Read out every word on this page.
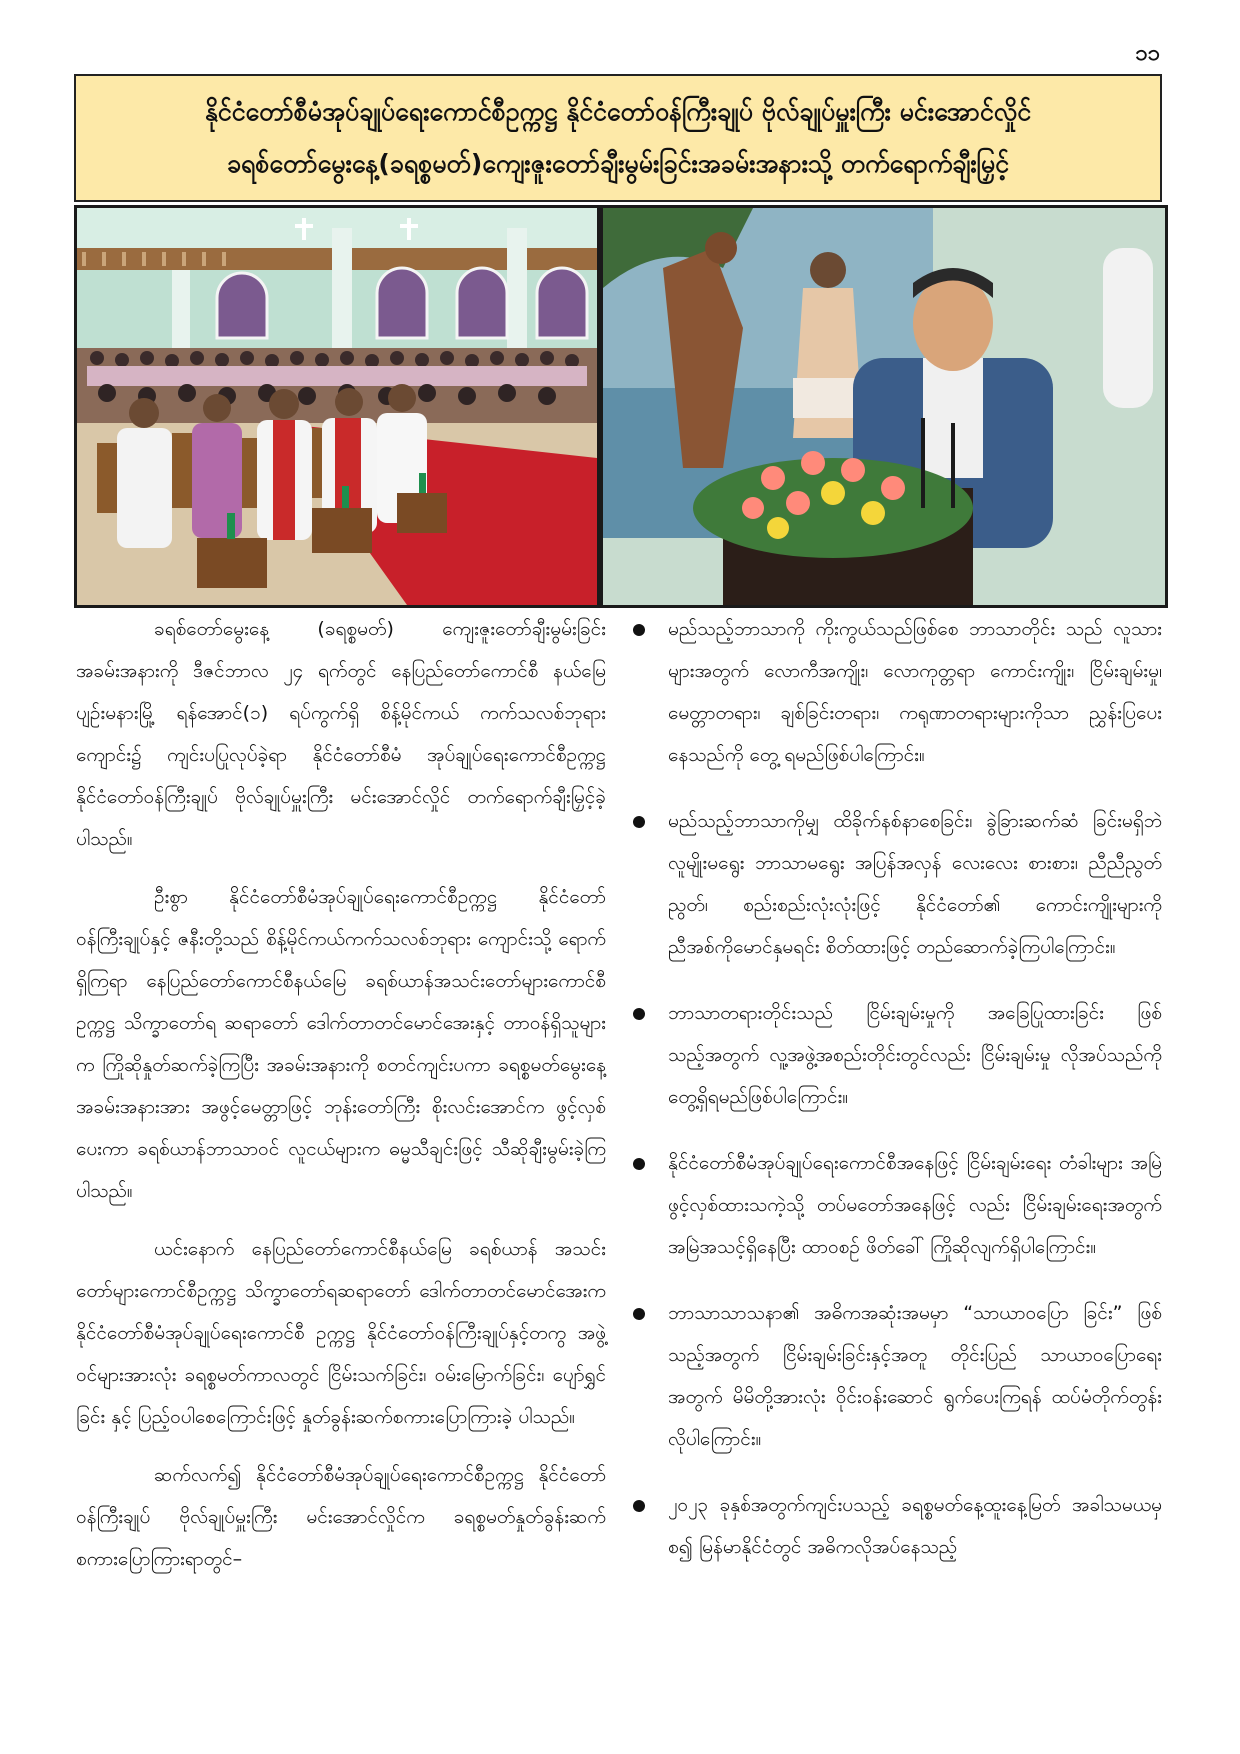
၁၁
နိုင်ငံတော်စီမံအုပ်ချုပ်ရေးကောင်စီဥက္ကဋ္ဌ နိုင်ငံတော်ဝန်ကြီးချုပ် ဗိုလ်ချုပ်မှူးကြီး မင်းအောင်လှိုင်
ခရစ်တော်မွေးနေ့(ခရစ္စမတ်)ကျေးဇူးတော်ချီးမွမ်းခြင်းအခမ်းအနားသို့ တက်ရောက်ချီးမြှင့်

ခရစ်တော်မွေးနေ့ (ခရစ္စမတ်) ကျေးဇူးတော်ချီးမွမ်းခြင်း အခမ်းအနားကို ဒီဇင်ဘာလ ၂၄ ရက်တွင် နေပြည်တော်ကောင်စီ နယ်မြေ ပျဉ်းမနားမြို့ ရန်အောင်(၁) ရပ်ကွက်ရှိ စိန့်မိုင်ကယ် ကက်သလစ်ဘုရားကျောင်း၌ ကျင်းပပြုလုပ်ခဲ့ရာ နိုင်ငံတော်စီမံ အုပ်ချုပ်ရေးကောင်စီဥက္ကဋ္ဌ နိုင်ငံတော်ဝန်ကြီးချုပ် ဗိုလ်ချုပ်မှူးကြီး မင်းအောင်လှိုင် တက်ရောက်ချီးမြှင့်ခဲ့ပါသည်။

ဦးစွာ နိုင်ငံတော်စီမံအုပ်ချုပ်ရေးကောင်စီဥက္ကဋ္ဌ နိုင်ငံတော် ဝန်ကြီးချုပ်နှင့် ဇနီးတို့သည် စိန့်မိုင်ကယ်ကက်သလစ်ဘုရား ကျောင်းသို့ ရောက်ရှိကြရာ နေပြည်တော်ကောင်စီနယ်မြေ ခရစ်ယာန်အသင်းတော်များကောင်စီဥက္ကဋ္ဌ သိက္ခာတော်ရ ဆရာတော် ဒေါက်တာတင်မောင်အေးနှင့် တာဝန်ရှိသူများက ကြိုဆိုနှုတ်ဆက်ခဲ့ကြပြီး အခမ်းအနားကို စတင်ကျင်းပကာ ခရစ္စမတ်မွေးနေ့အခမ်းအနားအား အဖွင့်မေတ္တာဖြင့် ဘုန်းတော်ကြီး စိုးလင်းအောင်က ဖွင့်လှစ်ပေးကာ ခရစ်ယာန်ဘာသာဝင် လူငယ်များက ဓမ္မသီချင်းဖြင့် သီဆိုချီးမွမ်းခဲ့ကြပါသည်။

ယင်းနောက် နေပြည်တော်ကောင်စီနယ်မြေ ခရစ်ယာန် အသင်းတော်များကောင်စီဥက္ကဋ္ဌ သိက္ခာတော်ရဆရာတော် ဒေါက်တာတင်မောင်အေးက နိုင်ငံတော်စီမံအုပ်ချုပ်ရေးကောင်စီ ဥက္ကဋ္ဌ နိုင်ငံတော်ဝန်ကြီးချုပ်နှင့်တကွ အဖွဲ့ဝင်များအားလုံး ခရစ္စမတ်ကာလတွင် ငြိမ်းသက်ခြင်း၊ ဝမ်းမြောက်ခြင်း၊ ပျော်ရွှင်ခြင်း နှင့် ပြည့်ဝပါစေကြောင်းဖြင့် နှုတ်ခွန်းဆက်စကားပြောကြားခဲ့ ပါသည်။

ဆက်လက်၍ နိုင်ငံတော်စီမံအုပ်ချုပ်ရေးကောင်စီဥက္ကဋ္ဌ နိုင်ငံတော်ဝန်ကြီးချုပ် ဗိုလ်ချုပ်မှူးကြီး မင်းအောင်လှိုင်က ခရစ္စမတ်နှုတ်ခွန်းဆက်စကားပြောကြားရာတွင်–

မည်သည့်ဘာသာကို ကိုးကွယ်သည်ဖြစ်စေ ဘာသာတိုင်း သည် လူသားများအတွက် လောကီအကျိုး၊ လောကုတ္တရာ ကောင်းကျိုး၊ ငြိမ်းချမ်းမှု၊ မေတ္တာတရား၊ ချစ်ခြင်းတရား၊ ကရုဏာတရားများကိုသာ ညွှန်းပြပေးနေသည်ကို တွေ့ ရမည်ဖြစ်ပါကြောင်း။

မည်သည့်ဘာသာကိုမျှ ထိခိုက်နစ်နာစေခြင်း၊ ခွဲခြားဆက်ဆံ ခြင်းမရှိဘဲ လူမျိုးမရွေး ဘာသာမရွေး အပြန်အလှန် လေးလေး စားစား၊ ညီညီညွတ်ညွတ်၊ စည်းစည်းလုံးလုံးဖြင့် နိုင်ငံတော်၏ ကောင်းကျိုးများကို ညီအစ်ကိုမောင်နှမရင်း စိတ်ထားဖြင့် တည်ဆောက်ခဲ့ကြပါကြောင်း။

ဘာသာတရားတိုင်းသည် ငြိမ်းချမ်းမှုကို အခြေပြုထားခြင်း ဖြစ်သည့်အတွက် လူ့အဖွဲ့အစည်းတိုင်းတွင်လည်း ငြိမ်းချမ်းမှု လိုအပ်သည်ကို တွေ့ရှိရမည်ဖြစ်ပါကြောင်း။

နိုင်ငံတော်စီမံအုပ်ချုပ်ရေးကောင်စီအနေဖြင့် ငြိမ်းချမ်းရေး တံခါးများ အမြဲဖွင့်လှစ်ထားသကဲ့သို့ တပ်မတော်အနေဖြင့် လည်း ငြိမ်းချမ်းရေးအတွက် အမြဲအသင့်ရှိနေပြီး ထာဝစဉ် ဖိတ်ခေါ် ကြိုဆိုလျက်ရှိပါကြောင်း။

ဘာသာသာသနာ၏ အဓိကအဆုံးအမမှာ “သာယာဝပြော ခြင်း” ဖြစ်သည့်အတွက် ငြိမ်းချမ်းခြင်းနှင့်အတူ တိုင်းပြည် သာယာဝပြောရေးအတွက် မိမိတို့အားလုံး ဝိုင်းဝန်းဆောင် ရွက်ပေးကြရန် ထပ်မံတိုက်တွန်းလိုပါကြောင်း။

၂၀၂၃ ခုနှစ်အတွက်ကျင်းပသည့် ခရစ္စမတ်နေ့ထူးနေ့မြတ် အခါသမယမှစ၍ မြန်မာနိုင်ငံတွင် အဓိကလိုအပ်နေသည့်
